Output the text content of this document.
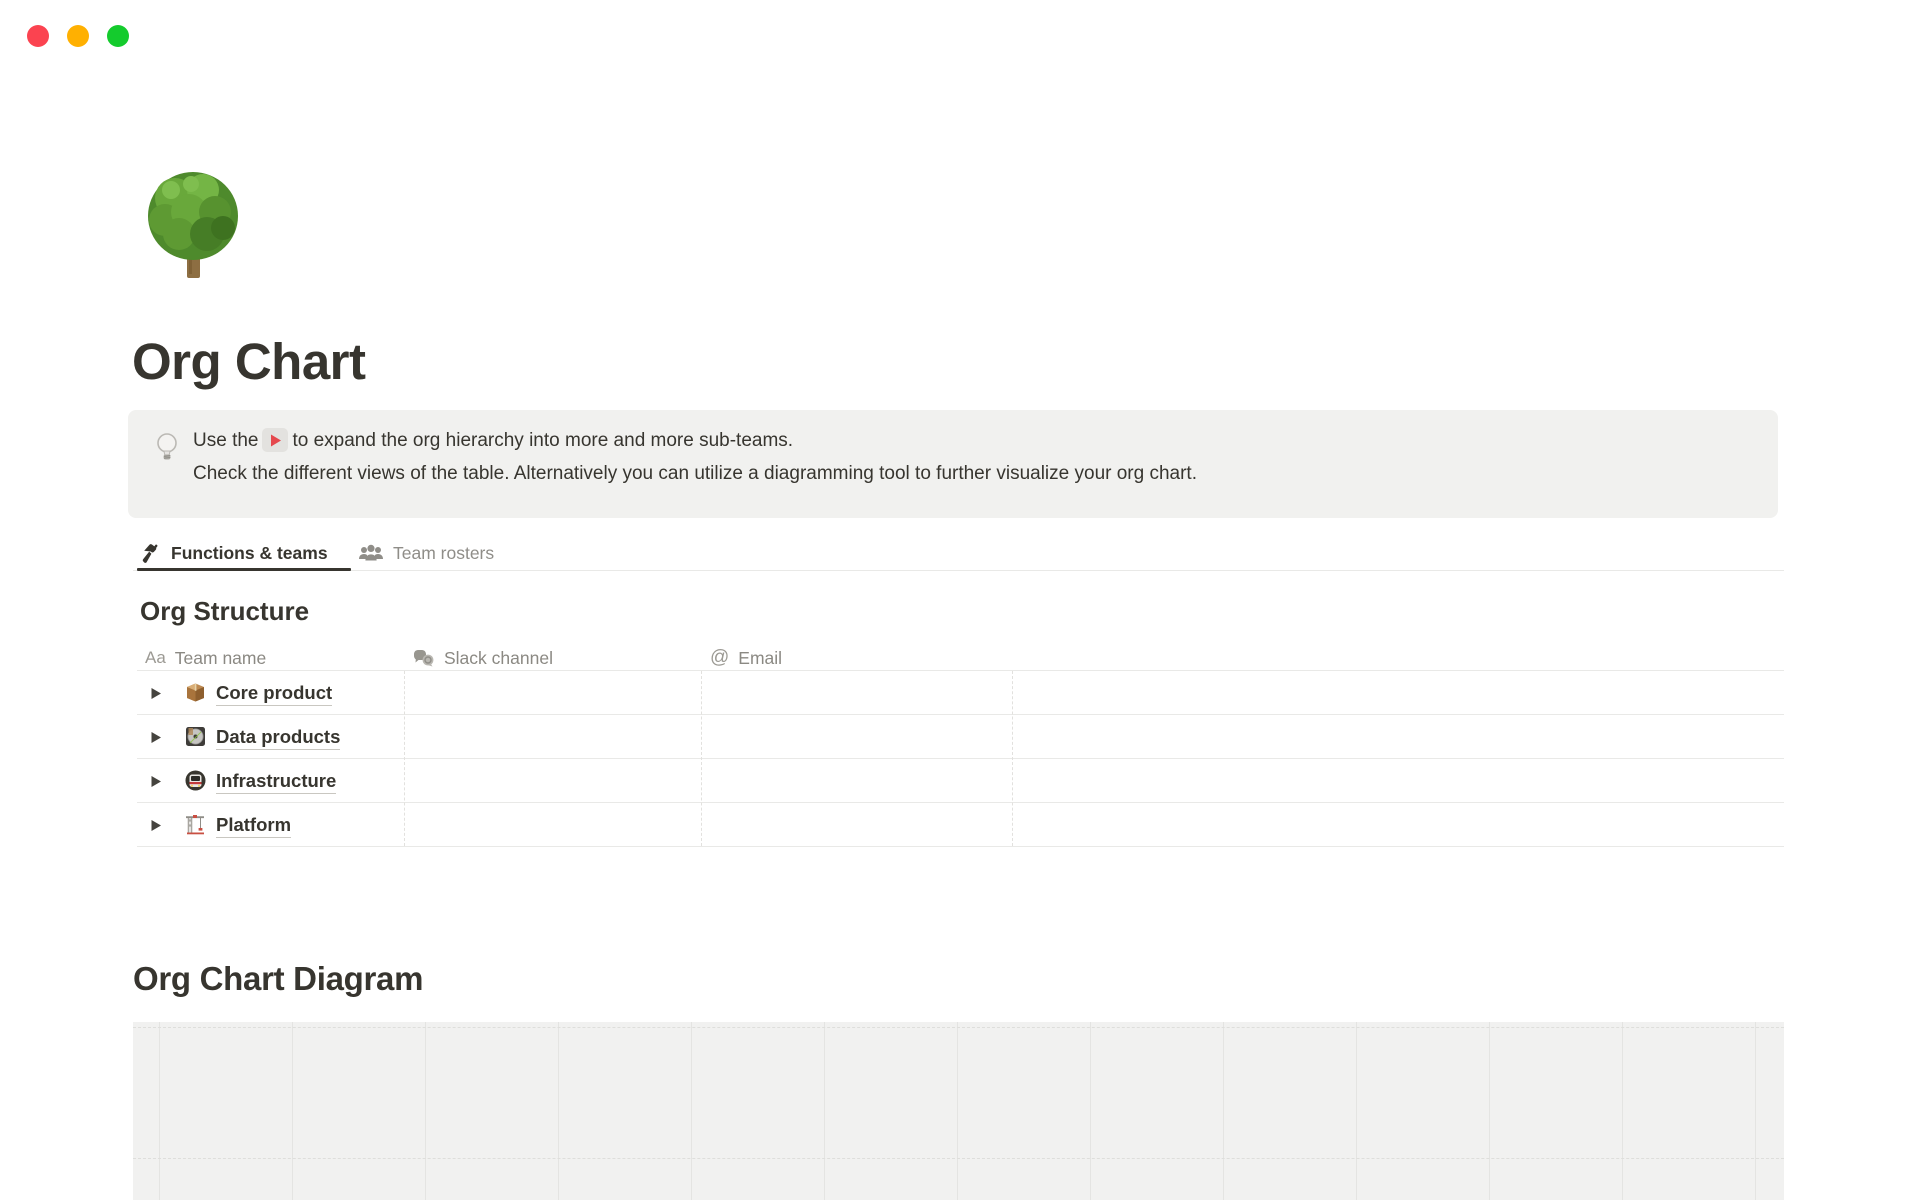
Org Chart
Use the to expand the org hierarchy into more and more sub-teams.
Check the different views of the table. Alternatively you can utilize a diagramming tool to further visualize your org chart.
Functions & teams	Team rosters
Org Structure
Aa Team name	Slack channel	@ Email
Core product
Data products
Infrastructure
Platform
Org Chart Diagram
